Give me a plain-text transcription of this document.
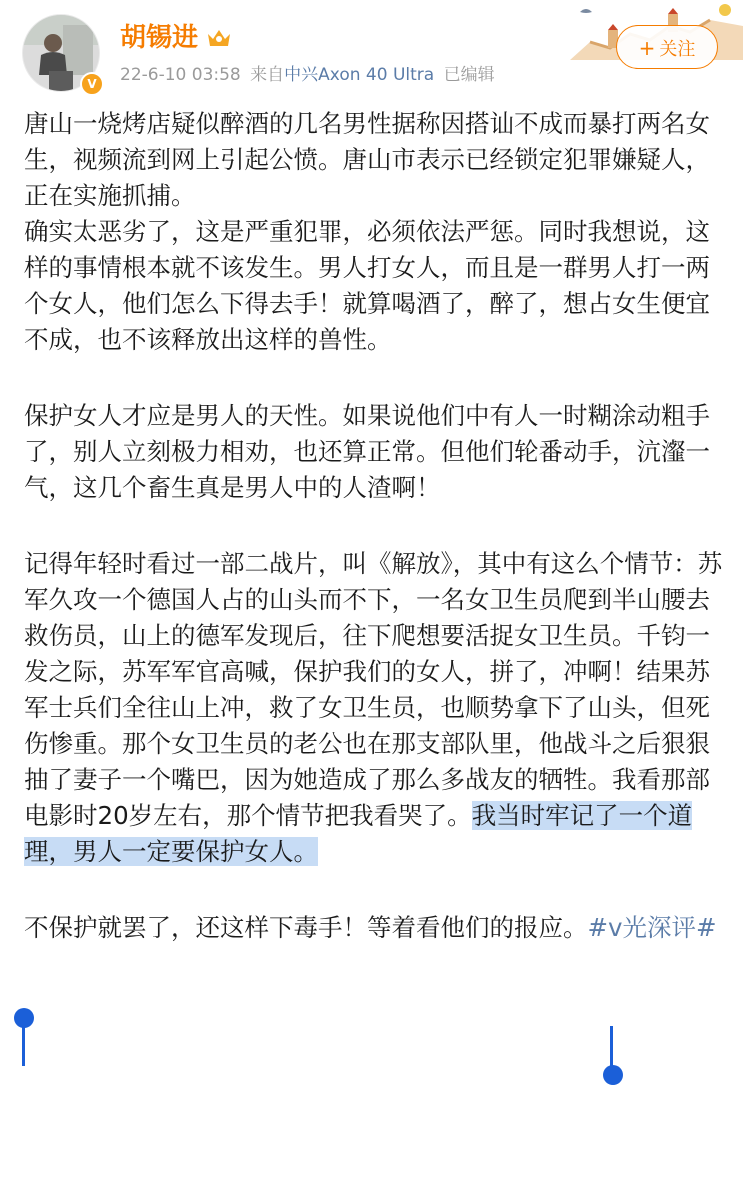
V
胡锡进
22-6-10 03:58 来自中兴Axon 40 Ultra 已编辑
+ 关注

唐山一烧烤店疑似醉酒的几名男性据称因搭讪不成而暴打两名女生，视频流到网上引起公愤。唐山市表示已经锁定犯罪嫌疑人，正在实施抓捕。

确实太恶劣了，这是严重犯罪，必须依法严惩。同时我想说，这样的事情根本就不该发生。男人打女人，而且是一群男人打一两个女人，他们怎么下得去手！就算喝酒了，醉了，想占女生便宜不成，也不该释放出这样的兽性。

保护女人才应是男人的天性。如果说他们中有人一时糊涂动粗手了，别人立刻极力相劝，也还算正常。但他们轮番动手，沆瀣一气，这几个畜生真是男人中的人渣啊！

记得年轻时看过一部二战片，叫《解放》，其中有这么个情节：苏军久攻一个德国人占的山头而不下，一名女卫生员爬到半山腰去救伤员，山上的德军发现后，往下爬想要活捉女卫生员。千钧一发之际，苏军军官高喊，保护我们的女人，拼了，冲啊！结果苏军士兵们全往山上冲，救了女卫生员，也顺势拿下了山头，但死伤惨重。那个女卫生员的老公也在那支部队里，他战斗之后狠狠抽了妻子一个嘴巴，因为她造成了那么多战友的牺牲。我看那部电影时20岁左右，那个情节把我看哭了。我当时牢记了一个道理，男人一定要保护女人。

不保护就罢了，还这样下毒手！等着看他们的报应。#v光深评#
